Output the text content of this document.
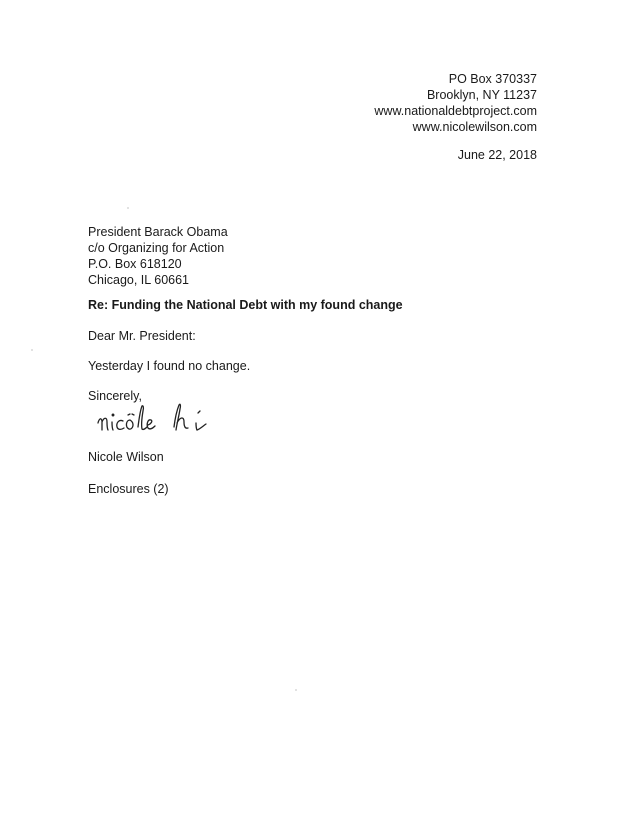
PO Box 370337
Brooklyn, NY 11237
www.nationaldebtproject.com
www.nicolewilson.com
June 22, 2018
President Barack Obama
c/o Organizing for Action
P.O. Box 618120
Chicago, IL 60661
Re: Funding the National Debt with my found change
Dear Mr. President:
Yesterday I found no change.
Sincerely,
Nicole Wilson
Enclosures (2)
